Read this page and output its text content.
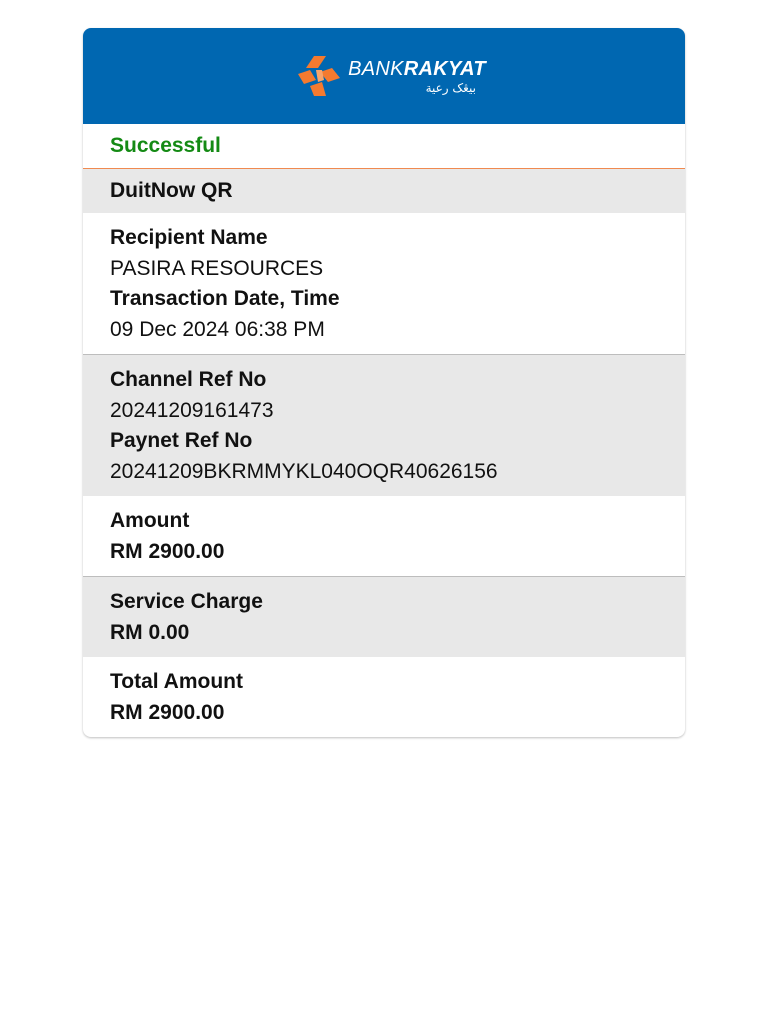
BANKRAKYAT
بيڠک رعية
Successful
DuitNow QR
Recipient Name
PASIRA RESOURCES
Transaction Date, Time
09 Dec 2024 06:38 PM
Channel Ref No
20241209161473
Paynet Ref No
20241209BKRMMYKL040OQR40626156
Amount
RM 2900.00
Service Charge
RM 0.00
Total Amount
RM 2900.00
